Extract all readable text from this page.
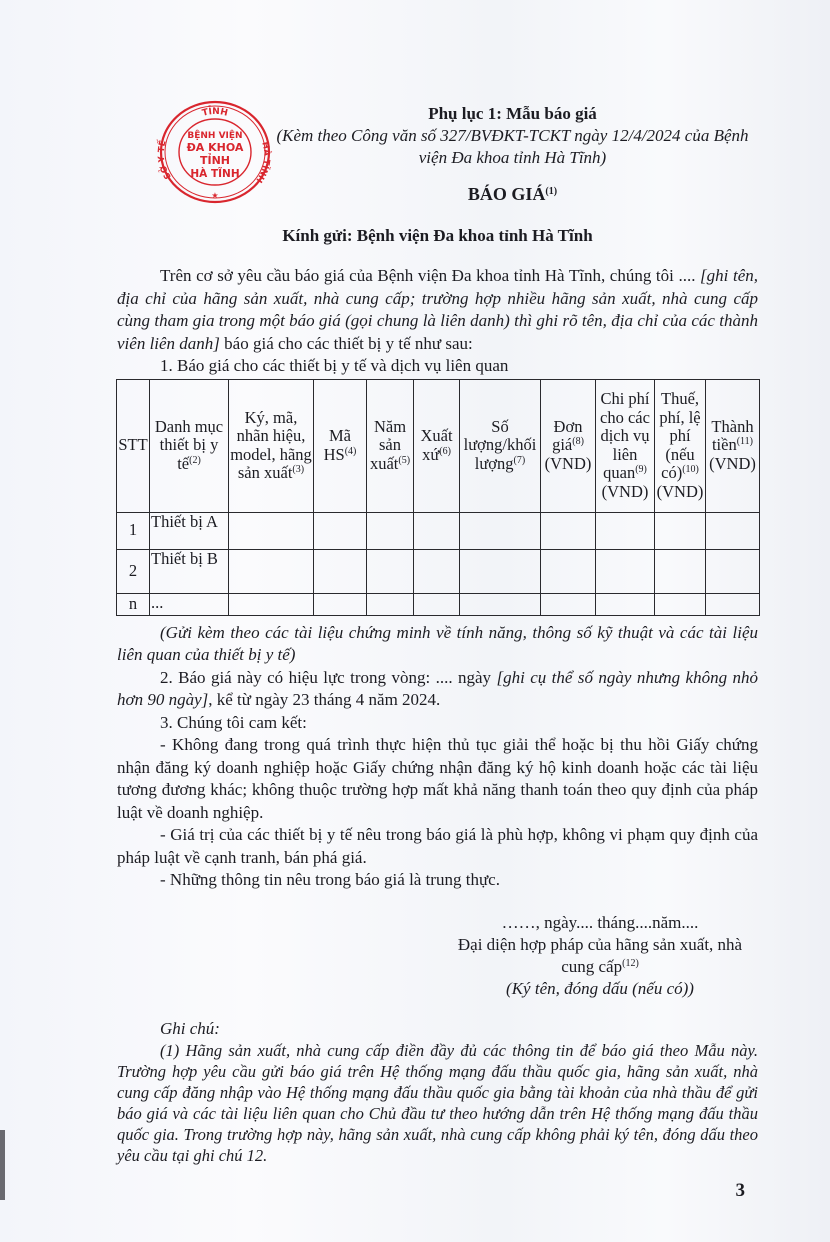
TỈNH
SỞ Y TẾ	HÀ TĨNH
BỆNH VIỆN
ĐA KHOA
TỈNH
HÀ TĨNH
★
Phụ lục 1: Mẫu báo giá
(Kèm theo Công văn số 327/BVĐKT-TCKT ngày 12/4/2024 của Bệnh viện Đa khoa tỉnh Hà Tĩnh)
BÁO GIÁ$^{(1)}$
Kính gửi: Bệnh viện Đa khoa tỉnh Hà Tĩnh

Trên cơ sở yêu cầu báo giá của Bệnh viện Đa khoa tỉnh Hà Tĩnh, chúng tôi .... [ghi tên, địa chỉ của hãng sản xuất, nhà cung cấp; trường hợp nhiều hãng sản xuất, nhà cung cấp cùng tham gia trong một báo giá (gọi chung là liên danh) thì ghi rõ tên, địa chỉ của các thành viên liên danh] báo giá cho các thiết bị y tế như sau:

1. Báo giá cho các thiết bị y tế và dịch vụ liên quan

STT	Danh mục thiết bị y tế$^{(2)}$	Ký, mã, nhãn hiệu, model, hãng sản xuất$^{(3)}$	Mã HS$^{(4)}$	Năm sản xuất$^{(5)}$	Xuất xứ$^{(6)}$	Số lượng/khối lượng$^{(7)}$	Đơn giá$^{(8)}$ (VND)	Chi phí cho các dịch vụ liên quan$^{(9)}$ (VND)	Thuế, phí, lệ phí (nếu có)$^{(10)}$ (VND)	Thành tiền$^{(11)}$ (VND)
1	Thiết bị A									
2	Thiết bị B									
n	...									

(Gửi kèm theo các tài liệu chứng minh về tính năng, thông số kỹ thuật và các tài liệu liên quan của thiết bị y tế)

2. Báo giá này có hiệu lực trong vòng: .... ngày [ghi cụ thể số ngày nhưng không nhỏ hơn 90 ngày], kể từ ngày 23 tháng 4 năm 2024.

3. Chúng tôi cam kết:

- Không đang trong quá trình thực hiện thủ tục giải thể hoặc bị thu hồi Giấy chứng nhận đăng ký doanh nghiệp hoặc Giấy chứng nhận đăng ký hộ kinh doanh hoặc các tài liệu tương đương khác; không thuộc trường hợp mất khả năng thanh toán theo quy định của pháp luật về doanh nghiệp.

- Giá trị của các thiết bị y tế nêu trong báo giá là phù hợp, không vi phạm quy định của pháp luật về cạnh tranh, bán phá giá.

- Những thông tin nêu trong báo giá là trung thực.

……, ngày.... tháng....năm....
Đại diện hợp pháp của hãng sản xuất, nhà
cung cấp$^{(12)}$
(Ký tên, đóng dấu (nếu có))

Ghi chú:

(1) Hãng sản xuất, nhà cung cấp điền đầy đủ các thông tin để báo giá theo Mẫu này. Trường hợp yêu cầu gửi báo giá trên Hệ thống mạng đấu thầu quốc gia, hãng sản xuất, nhà cung cấp đăng nhập vào Hệ thống mạng đấu thầu quốc gia bằng tài khoản của nhà thầu để gửi báo giá và các tài liệu liên quan cho Chủ đầu tư theo hướng dẫn trên Hệ thống mạng đấu thầu quốc gia. Trong trường hợp này, hãng sản xuất, nhà cung cấp không phải ký tên, đóng dấu theo yêu cầu tại ghi chú 12.

3
